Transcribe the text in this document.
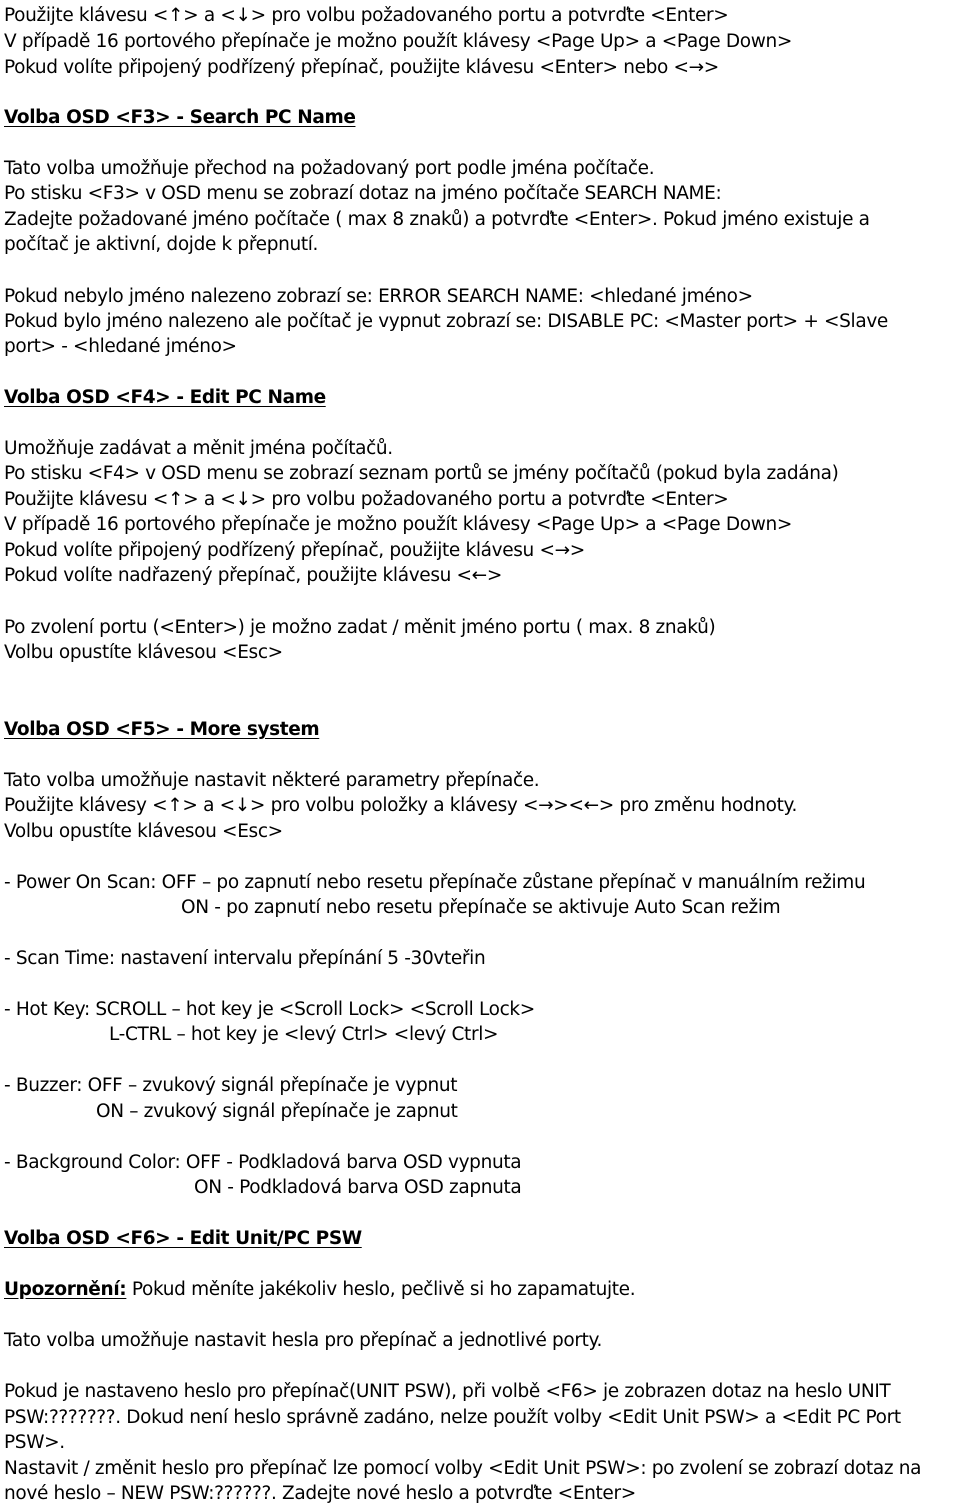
Použijte klávesu <↑> a <↓> pro volbu požadovaného portu a potvrďte <Enter>
V případě 16 portového přepínače je možno použít klávesy <Page Up> a <Page Down>
Pokud volíte připojený podřízený přepínač, použijte klávesu <Enter> nebo <→>
Volba OSD <F3> - Search PC Name
Tato volba umožňuje přechod na požadovaný port podle jména počítače.
Po stisku <F3> v OSD menu se zobrazí dotaz na jméno počítače SEARCH NAME:
Zadejte požadované jméno počítače ( max 8 znaků) a potvrďte <Enter>. Pokud jméno existuje a
počítač je aktivní, dojde k přepnutí.
Pokud nebylo jméno nalezeno zobrazí se: ERROR SEARCH NAME: <hledané jméno>
Pokud bylo jméno nalezeno ale počítač je vypnut zobrazí se: DISABLE PC: <Master port> + <Slave
port> - <hledané jméno>
Volba OSD <F4> - Edit PC Name
Umožňuje zadávat a měnit jména počítačů.
Po stisku <F4> v OSD menu se zobrazí seznam portů se jmény počítačů (pokud byla zadána)
Použijte klávesu <↑> a <↓> pro volbu požadovaného portu a potvrďte <Enter>
V případě 16 portového přepínače je možno použít klávesy <Page Up> a <Page Down>
Pokud volíte připojený podřízený přepínač, použijte klávesu <→>
Pokud volíte nadřazený přepínač, použijte klávesu <←>
Po zvolení portu (<Enter>) je možno zadat / měnit jméno portu ( max. 8 znaků)
Volbu opustíte klávesou <Esc>
Volba OSD <F5> - More system
Tato volba umožňuje nastavit některé parametry přepínače.
Použijte klávesy <↑> a <↓> pro volbu položky a klávesy <→><←> pro změnu hodnoty.
Volbu opustíte klávesou <Esc>
- Power On Scan: OFF – po zapnutí nebo resetu přepínače zůstane přepínač v manuálním režimu
ON - po zapnutí nebo resetu přepínače se aktivuje Auto Scan režim
- Scan Time: nastavení intervalu přepínání 5 -30vteřin
- Hot Key: SCROLL – hot key je <Scroll Lock> <Scroll Lock>
L-CTRL – hot key je <levý Ctrl> <levý Ctrl>
- Buzzer: OFF – zvukový signál přepínače je vypnut
ON – zvukový signál přepínače je zapnut
- Background Color: OFF - Podkladová barva OSD vypnuta
ON - Podkladová barva OSD zapnuta
Volba OSD <F6> - Edit Unit/PC PSW
Upozornění: Pokud měníte jakékoliv heslo, pečlivě si ho zapamatujte.
Tato volba umožňuje nastavit hesla pro přepínač a jednotlivé porty.
Pokud je nastaveno heslo pro přepínač(UNIT PSW), při volbě <F6> je zobrazen dotaz na heslo UNIT
PSW:???????. Dokud není heslo správně zadáno, nelze použít volby <Edit Unit PSW> a <Edit PC Port
PSW>.
Nastavit / změnit heslo pro přepínač lze pomocí volby <Edit Unit PSW>: po zvolení se zobrazí dotaz na
nové heslo – NEW PSW:??????. Zadejte nové heslo a potvrďte <Enter>
